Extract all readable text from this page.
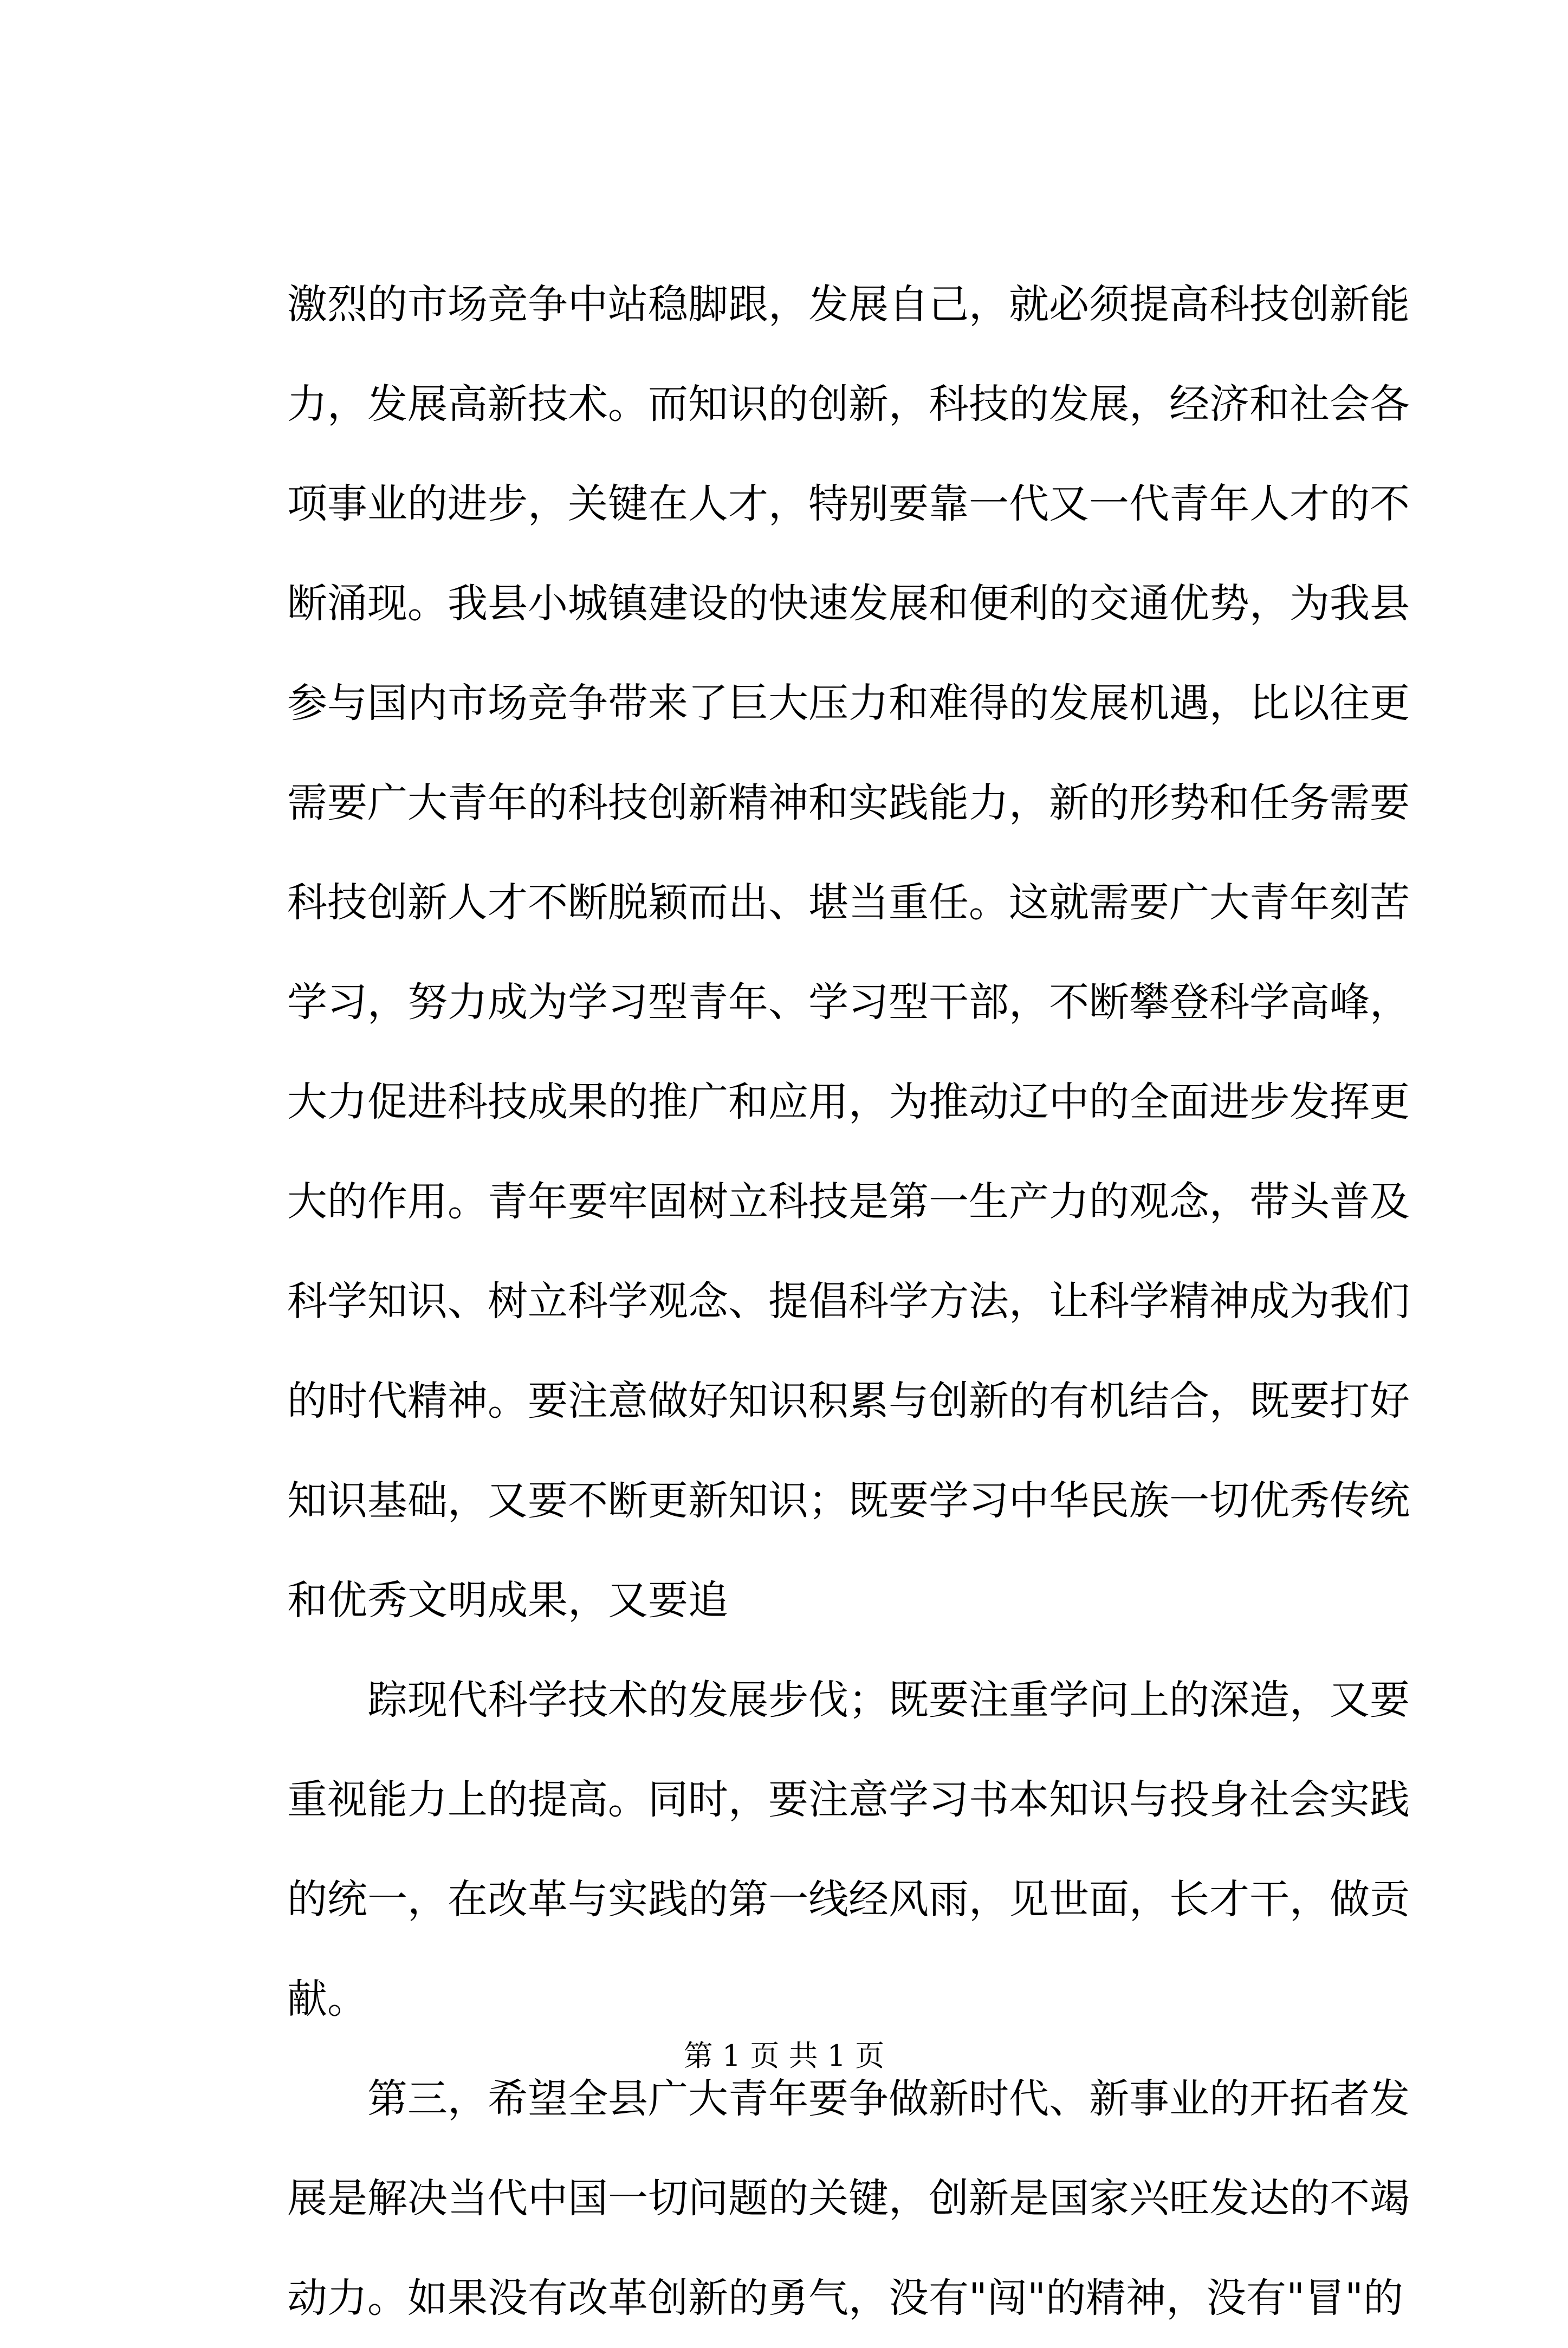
激烈的市场竞争中站稳脚跟，发展自己，就必须提高科技创新能
力，发展高新技术。而知识的创新，科技的发展，经济和社会各
项事业的进步，关键在人才，特别要靠一代又一代青年人才的不
断涌现。我县小城镇建设的快速发展和便利的交通优势，为我县
参与国内市场竞争带来了巨大压力和难得的发展机遇，比以往更
需要广大青年的科技创新精神和实践能力，新的形势和任务需要
科技创新人才不断脱颖而出、堪当重任。这就需要广大青年刻苦
学习，努力成为学习型青年、学习型干部，不断攀登科学高峰，
大力促进科技成果的推广和应用，为推动辽中的全面进步发挥更
大的作用。青年要牢固树立科技是第一生产力的观念，带头普及
科学知识、树立科学观念、提倡科学方法，让科学精神成为我们
的时代精神。要注意做好知识积累与创新的有机结合，既要打好
知识基础，又要不断更新知识；既要学习中华民族一切优秀传统
和优秀文明成果，又要追
踪现代科学技术的发展步伐；既要注重学问上的深造，又要
重视能力上的提高。同时，要注意学习书本知识与投身社会实践
的统一，在改革与实践的第一线经风雨，见世面，长才干，做贡
献。
第三，希望全县广大青年要争做新时代、新事业的开拓者发
展是解决当代中国一切问题的关键，创新是国家兴旺发达的不竭
动力。如果没有改革创新的勇气，没有"闯"的精神，没有"冒"的
第 1 页 共 1 页
